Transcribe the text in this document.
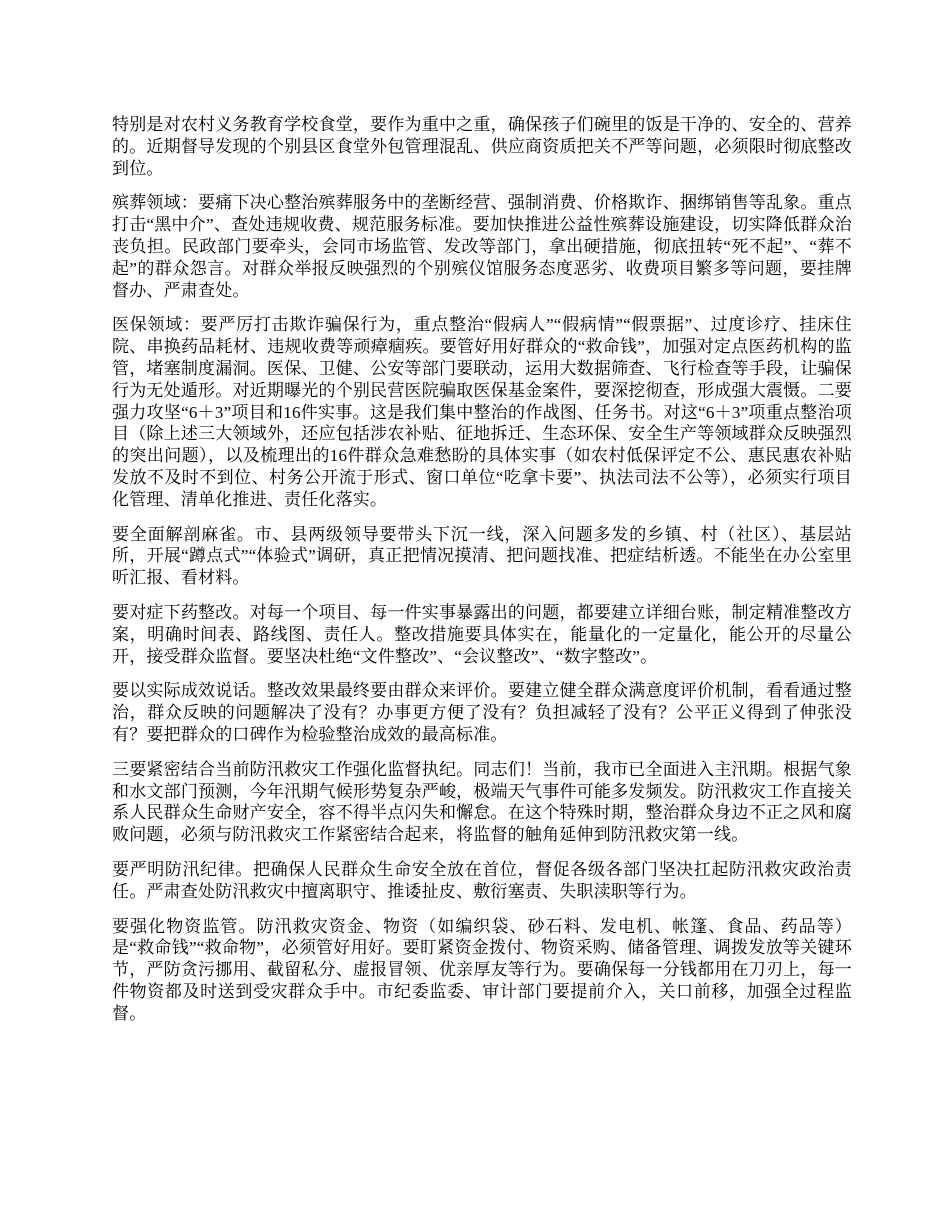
特别是对农村义务教育学校食堂，要作为重中之重，确保孩子们碗里的饭是干净的、安全的、营养的。近期督导发现的个别县区食堂外包管理混乱、供应商资质把关不严等问题，必须限时彻底整改到位。

殡葬领域：要痛下决心整治殡葬服务中的垄断经营、强制消费、价格欺诈、捆绑销售等乱象。重点打击“黑中介”、查处违规收费、规范服务标准。要加快推进公益性殡葬设施建设，切实降低群众治丧负担。民政部门要牵头，会同市场监管、发改等部门，拿出硬措施，彻底扭转“死不起”、“葬不起”的群众怨言。对群众举报反映强烈的个别殡仪馆服务态度恶劣、收费项目繁多等问题，要挂牌督办、严肃查处。

医保领域：要严厉打击欺诈骗保行为，重点整治“假病人”“假病情”“假票据”、过度诊疗、挂床住院、串换药品耗材、违规收费等顽瘴痼疾。要管好用好群众的“救命钱”，加强对定点医药机构的监管，堵塞制度漏洞。医保、卫健、公安等部门要联动，运用大数据筛查、飞行检查等手段，让骗保行为无处遁形。对近期曝光的个别民营医院骗取医保基金案件，要深挖彻查，形成强大震慑。二要强力攻坚“6＋3”项目和16件实事。这是我们集中整治的作战图、任务书。对这“6＋3”项重点整治项目（除上述三大领域外，还应包括涉农补贴、征地拆迁、生态环保、安全生产等领域群众反映强烈的突出问题），以及梳理出的16件群众急难愁盼的具体实事（如农村低保评定不公、惠民惠农补贴发放不及时不到位、村务公开流于形式、窗口单位“吃拿卡要”、执法司法不公等），必须实行项目化管理、清单化推进、责任化落实。

要全面解剖麻雀。市、县两级领导要带头下沉一线，深入问题多发的乡镇、村（社区）、基层站所，开展“蹲点式”“体验式”调研，真正把情况摸清、把问题找准、把症结析透。不能坐在办公室里听汇报、看材料。

要对症下药整改。对每一个项目、每一件实事暴露出的问题，都要建立详细台账，制定精准整改方案，明确时间表、路线图、责任人。整改措施要具体实在，能量化的一定量化，能公开的尽量公开，接受群众监督。要坚决杜绝“文件整改”、“会议整改”、“数字整改”。

要以实际成效说话。整改效果最终要由群众来评价。要建立健全群众满意度评价机制，看看通过整治，群众反映的问题解决了没有？办事更方便了没有？负担减轻了没有？公平正义得到了伸张没有？要把群众的口碑作为检验整治成效的最高标准。

三要紧密结合当前防汛救灾工作强化监督执纪。同志们！当前，我市已全面进入主汛期。根据气象和水文部门预测，今年汛期气候形势复杂严峻，极端天气事件可能多发频发。防汛救灾工作直接关系人民群众生命财产安全，容不得半点闪失和懈怠。在这个特殊时期，整治群众身边不正之风和腐败问题，必须与防汛救灾工作紧密结合起来，将监督的触角延伸到防汛救灾第一线。

要严明防汛纪律。把确保人民群众生命安全放在首位，督促各级各部门坚决扛起防汛救灾政治责任。严肃查处防汛救灾中擅离职守、推诿扯皮、敷衍塞责、失职渎职等行为。

要强化物资监管。防汛救灾资金、物资（如编织袋、砂石料、发电机、帐篷、食品、药品等）是“救命钱”“救命物”，必须管好用好。要盯紧资金拨付、物资采购、储备管理、调拨发放等关键环节，严防贪污挪用、截留私分、虚报冒领、优亲厚友等行为。要确保每一分钱都用在刀刃上，每一件物资都及时送到受灾群众手中。市纪委监委、审计部门要提前介入，关口前移，加强全过程监督。
